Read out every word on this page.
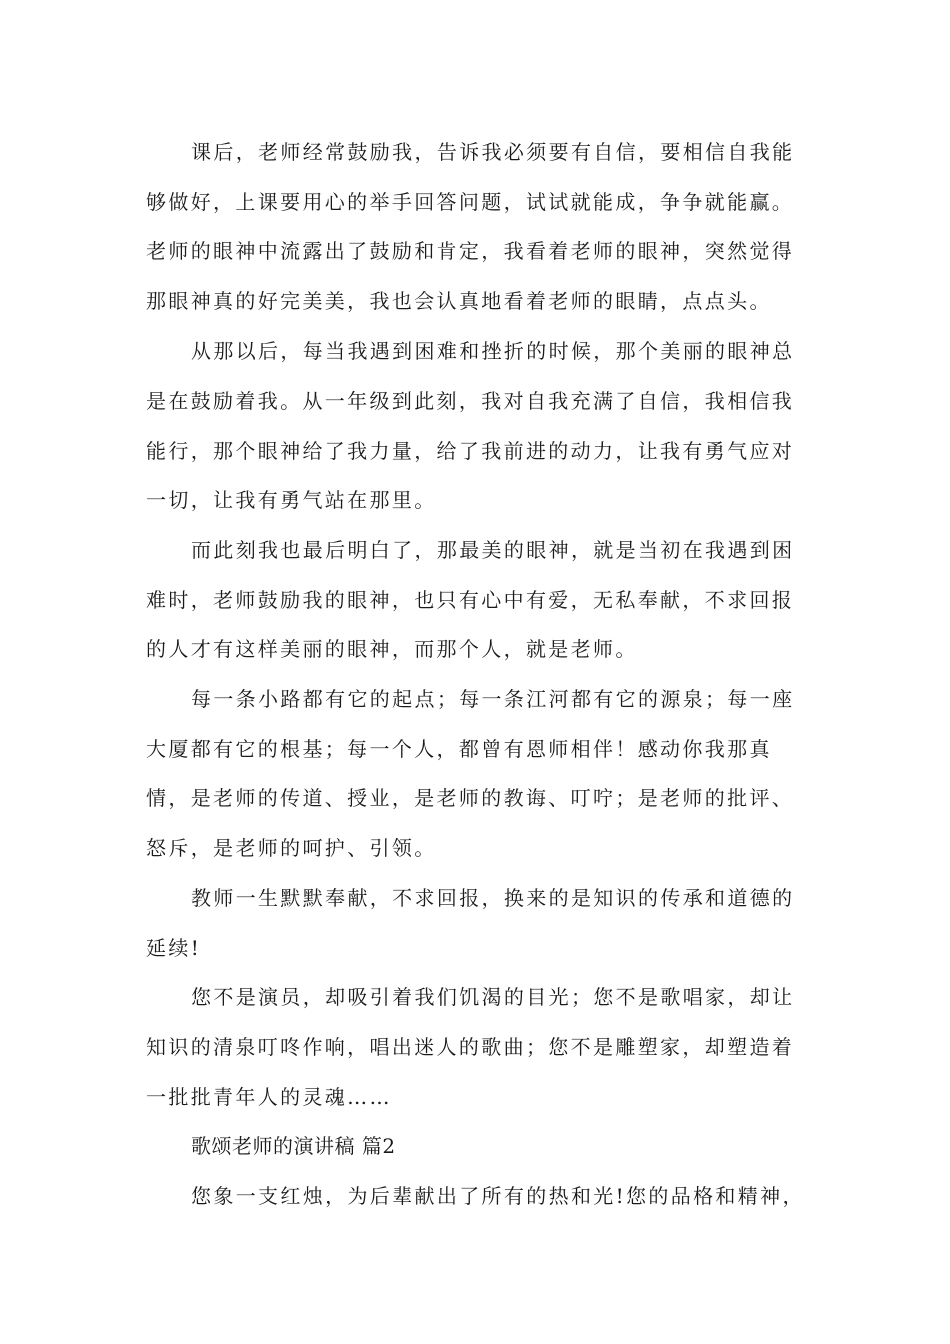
课后，老师经常鼓励我，告诉我必须要有自信，要相信自我能
够做好，上课要用心的举手回答问题，试试就能成，争争就能赢。
老师的眼神中流露出了鼓励和肯定，我看着老师的眼神，突然觉得
那眼神真的好完美美，我也会认真地看着老师的眼睛，点点头。
从那以后，每当我遇到困难和挫折的时候，那个美丽的眼神总
是在鼓励着我。从一年级到此刻，我对自我充满了自信，我相信我
能行，那个眼神给了我力量，给了我前进的动力，让我有勇气应对
一切，让我有勇气站在那里。
而此刻我也最后明白了，那最美的眼神，就是当初在我遇到困
难时，老师鼓励我的眼神，也只有心中有爱，无私奉献，不求回报
的人才有这样美丽的眼神，而那个人，就是老师。
每一条小路都有它的起点；每一条江河都有它的源泉；每一座
大厦都有它的根基；每一个人，都曾有恩师相伴！感动你我那真
情，是老师的传道、授业，是老师的教诲、叮咛；是老师的批评、
怒斥，是老师的呵护、引领。
教师一生默默奉献，不求回报，换来的是知识的传承和道德的
延续!
您不是演员，却吸引着我们饥渴的目光；您不是歌唱家，却让
知识的清泉叮咚作响，唱出迷人的歌曲；您不是雕塑家，却塑造着
一批批青年人的灵魂……
歌颂老师的演讲稿 篇2
您象一支红烛，为后辈献出了所有的热和光!您的品格和精神，
